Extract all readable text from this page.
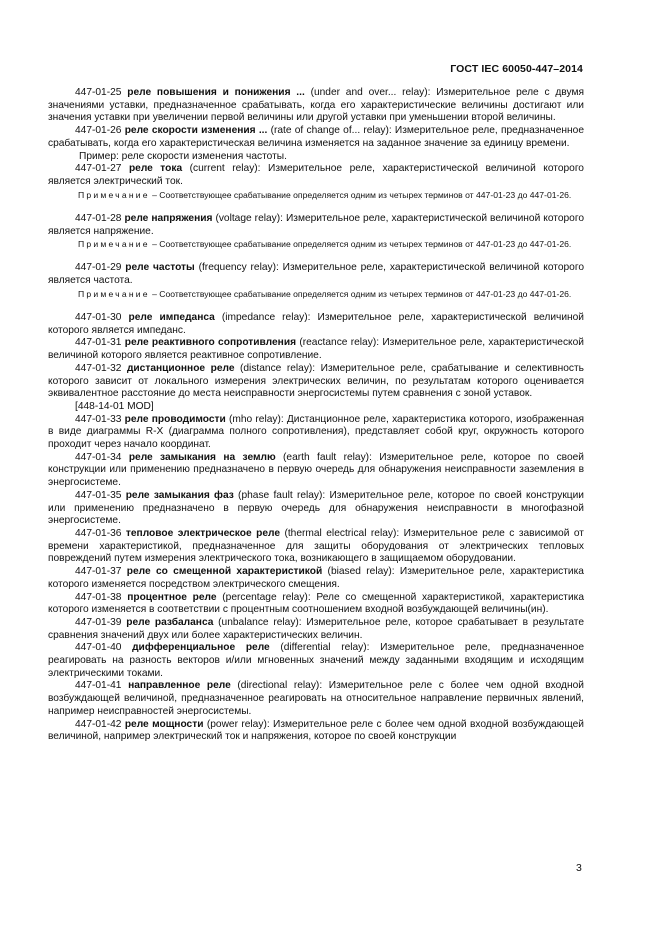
ГОСТ IEC 60050-447–2014

447-01-25 реле повышения и понижения ... (under and over... relay): Измерительное реле с двумя значениями уставки, предназначенное срабатывать, когда его характеристические величины достигают или значения уставки при увеличении первой величины или другой уставки при уменьшении второй величины.

447-01-26 реле скорости изменения ... (rate of change of... relay): Измерительное реле, предназначенное срабатывать, когда его характеристическая величина изменяется на заданное значение за единицу времени.

Пример: реле скорости изменения частоты.

447-01-27 реле тока (current relay): Измерительное реле, характеристической величиной которого является электрический ток.

Примечание – Соответствующее срабатывание определяется одним из четырех терминов от 447-01-23 до 447-01-26.

447-01-28 реле напряжения (voltage relay): Измерительное реле, характеристической величиной которого является напряжение.

Примечание – Соответствующее срабатывание определяется одним из четырех терминов от 447-01-23 до 447-01-26.

447-01-29 реле частоты (frequency relay): Измерительное реле, характеристической величиной которого является частота.

Примечание – Соответствующее срабатывание определяется одним из четырех терминов от 447-01-23 до 447-01-26.

447-01-30 реле импеданса (impedance relay): Измерительное реле, характеристической величиной которого является импеданс.

447-01-31 реле реактивного сопротивления (reactance relay): Измерительное реле, характеристической величиной которого является реактивное сопротивление.

447-01-32 дистанционное реле (distance relay): Измерительное реле, срабатывание и селективность которого зависит от локального измерения электрических величин, по результатам которого оценивается эквивалентное расстояние до места неисправности энергосистемы путем сравнения с зоной уставок.

[448-14-01 MOD]

447-01-33 реле проводимости (mho relay): Дистанционное реле, характеристика которого, изображенная в виде диаграммы R-X (диаграмма полного сопротивления), представляет собой круг, окружность которого проходит через начало координат.

447-01-34 реле замыкания на землю (earth fault relay): Измерительное реле, которое по своей конструкции или применению предназначено в первую очередь для обнаружения неисправности заземления в энергосистеме.

447-01-35 реле замыкания фаз (phase fault relay): Измерительное реле, которое по своей конструкции или применению предназначено в первую очередь для обнаружения неисправности в многофазной энергосистеме.

447-01-36 тепловое электрическое реле (thermal electrical relay): Измерительное реле с зависимой от времени характеристикой, предназначенное для защиты оборудования от электрических тепловых повреждений путем измерения электрического тока, возникающего в защищаемом оборудовании.

447-01-37 реле со смещенной характеристикой (biased relay): Измерительное реле, характеристика которого изменяется посредством электрического смещения.

447-01-38 процентное реле (percentage relay): Реле со смещенной характеристикой, характеристика которого изменяется в соответствии с процентным соотношением входной возбуждающей величины(ин).

447-01-39 реле разбаланса (unbalance relay): Измерительное реле, которое срабатывает в результате сравнения значений двух или более характеристических величин.

447-01-40 дифференциальное реле (differential relay): Измерительное реле, предназначенное реагировать на разность векторов и/или мгновенных значений между заданными входящим и исходящим электрическими токами.

447-01-41 направленное реле (directional relay): Измерительное реле с более чем одной входной возбуждающей величиной, предназначенное реагировать на относительное направление первичных явлений, например неисправностей энергосистемы.

447-01-42 реле мощности (power relay): Измерительное реле с более чем одной входной возбуждающей величиной, например электрический ток и напряжения, которое по своей конструкции

3
